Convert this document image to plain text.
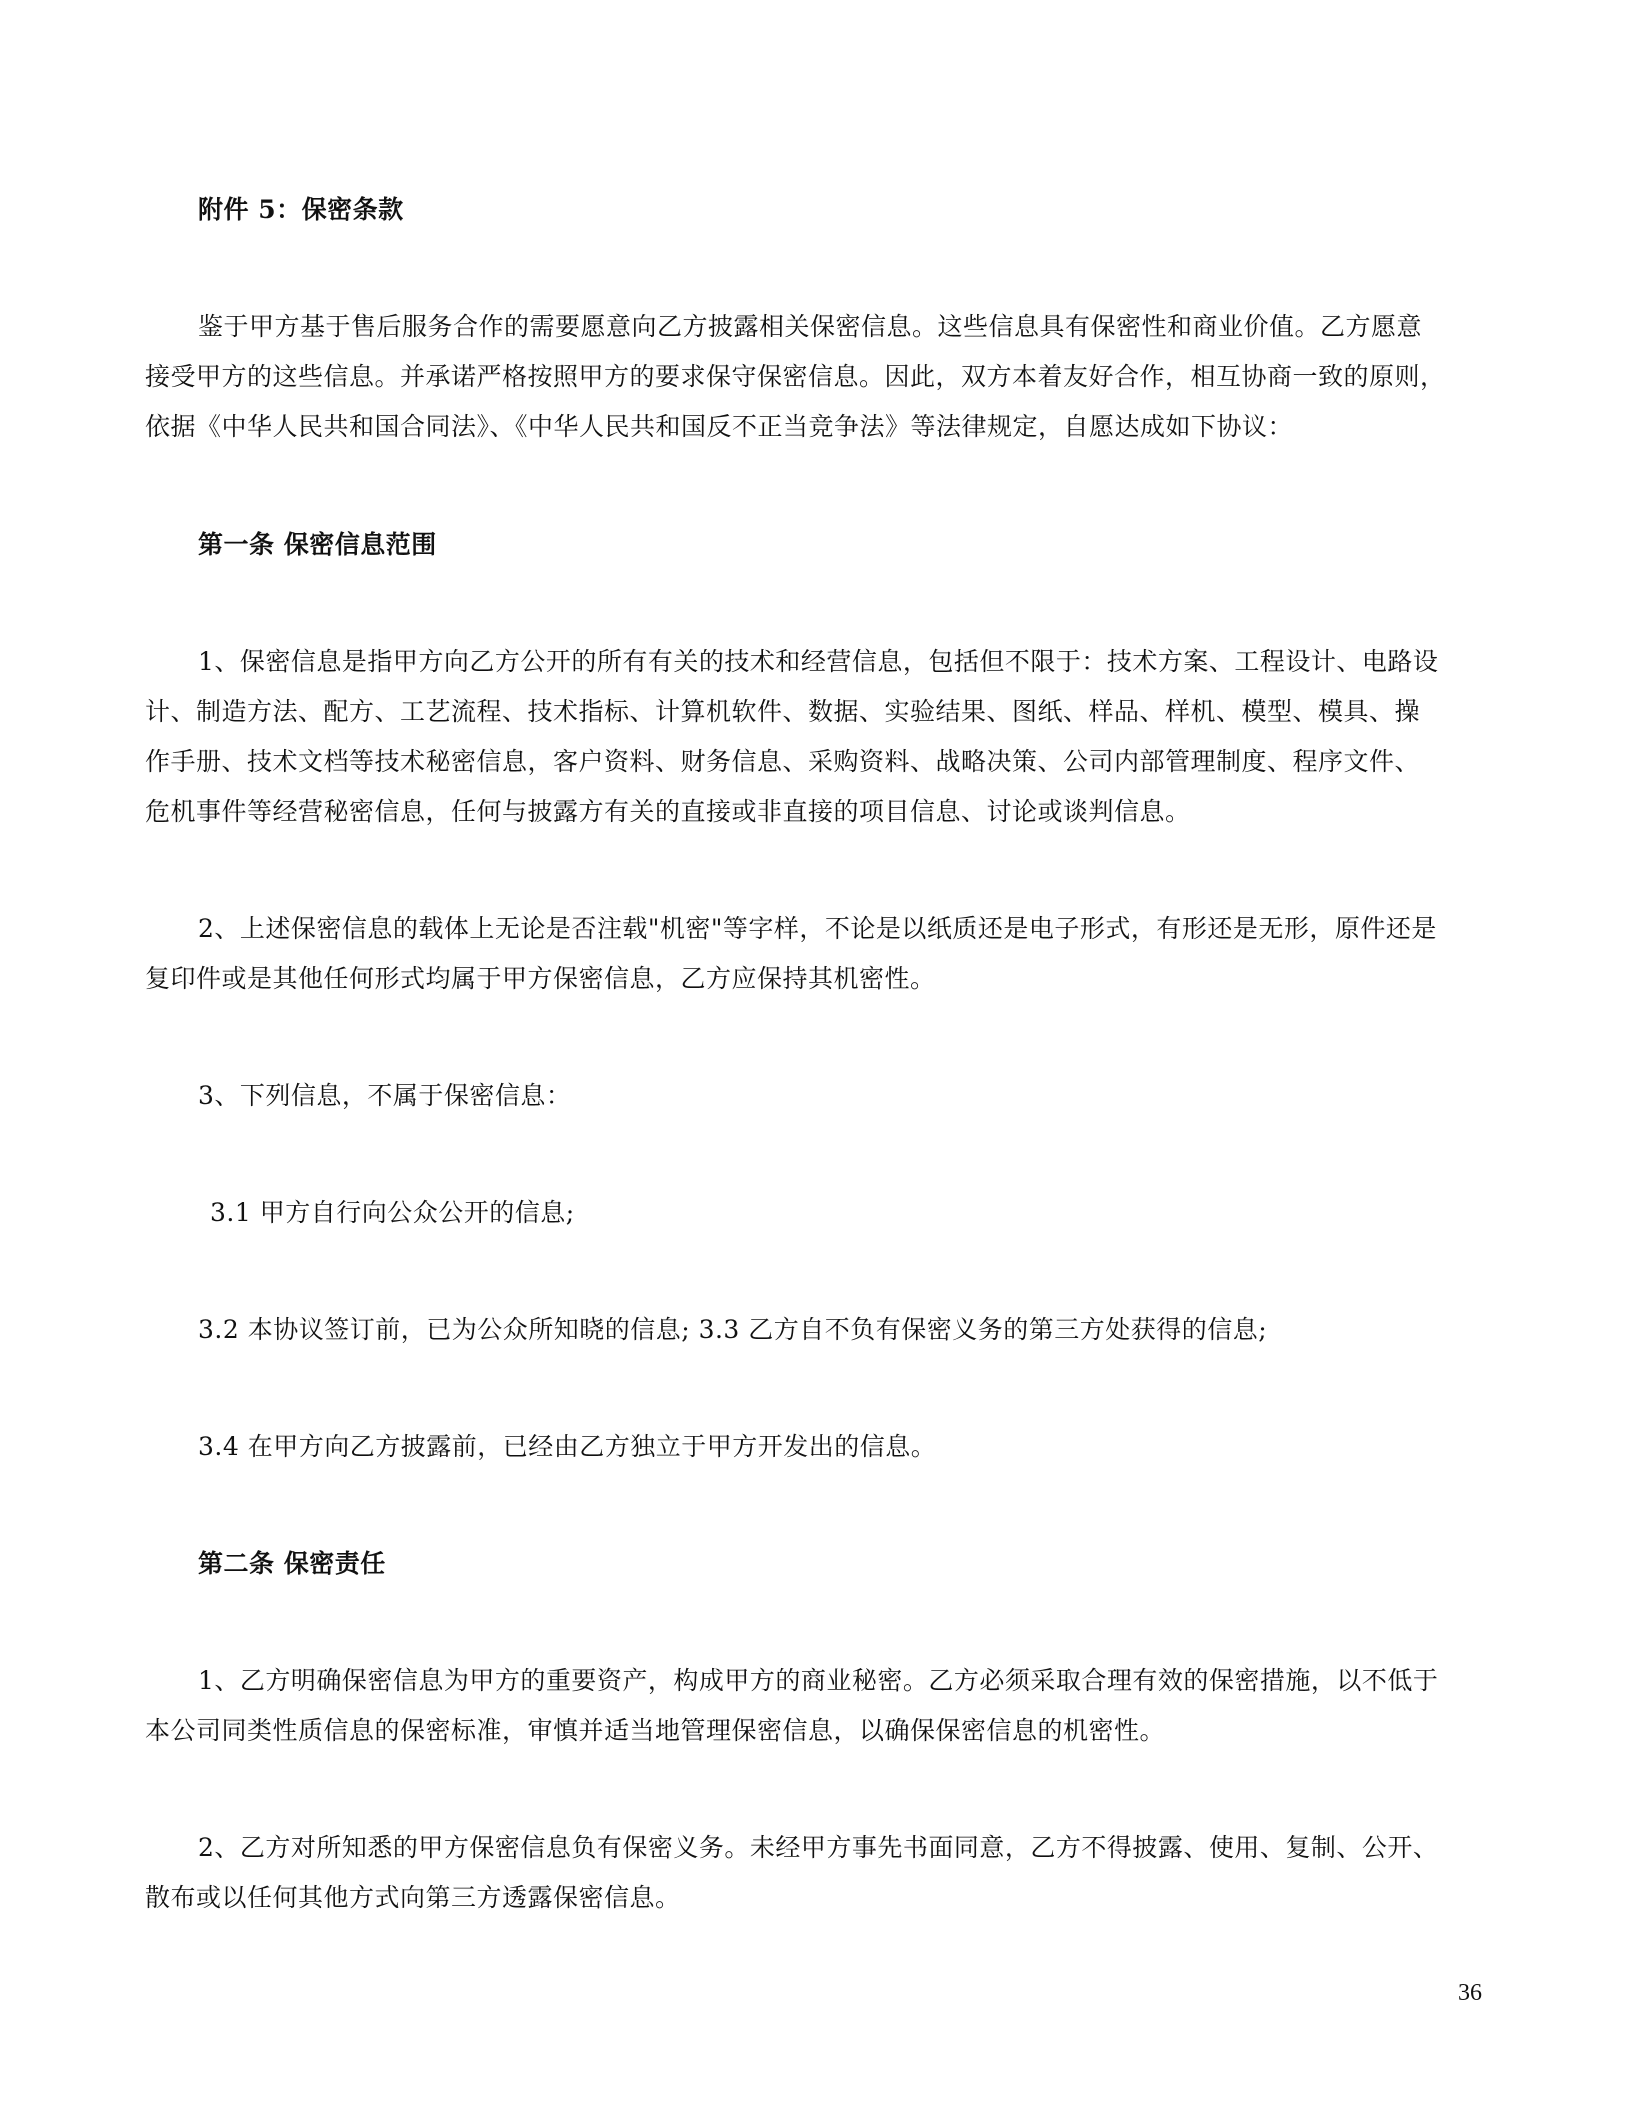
附件 5：保密条款
鉴于甲方基于售后服务合作的需要愿意向乙方披露相关保密信息。这些信息具有保密性和商业价值。乙方愿意
接受甲方的这些信息。并承诺严格按照甲方的要求保守保密信息。因此，双方本着友好合作，相互协商一致的原则，
依据《中华人民共和国合同法》、《中华人民共和国反不正当竞争法》等法律规定，自愿达成如下协议：
第一条 保密信息范围
1、保密信息是指甲方向乙方公开的所有有关的技术和经营信息，包括但不限于：技术方案、工程设计、电路设
计、制造方法、配方、工艺流程、技术指标、计算机软件、数据、实验结果、图纸、样品、样机、模型、模具、操
作手册、技术文档等技术秘密信息，客户资料、财务信息、采购资料、战略决策、公司内部管理制度、程序文件、
危机事件等经营秘密信息，任何与披露方有关的直接或非直接的项目信息、讨论或谈判信息。
2、上述保密信息的载体上无论是否注载"机密"等字样，不论是以纸质还是电子形式，有形还是无形，原件还是
复印件或是其他任何形式均属于甲方保密信息，乙方应保持其机密性。
3、下列信息，不属于保密信息：
3.1 甲方自行向公众公开的信息;
3.2 本协议签订前，已为公众所知晓的信息; 3.3 乙方自不负有保密义务的第三方处获得的信息;
3.4 在甲方向乙方披露前，已经由乙方独立于甲方开发出的信息。
第二条 保密责任
1、乙方明确保密信息为甲方的重要资产，构成甲方的商业秘密。乙方必须采取合理有效的保密措施，以不低于
本公司同类性质信息的保密标准，审慎并适当地管理保密信息，以确保保密信息的机密性。
2、乙方对所知悉的甲方保密信息负有保密义务。未经甲方事先书面同意，乙方不得披露、使用、复制、公开、
散布或以任何其他方式向第三方透露保密信息。
36
